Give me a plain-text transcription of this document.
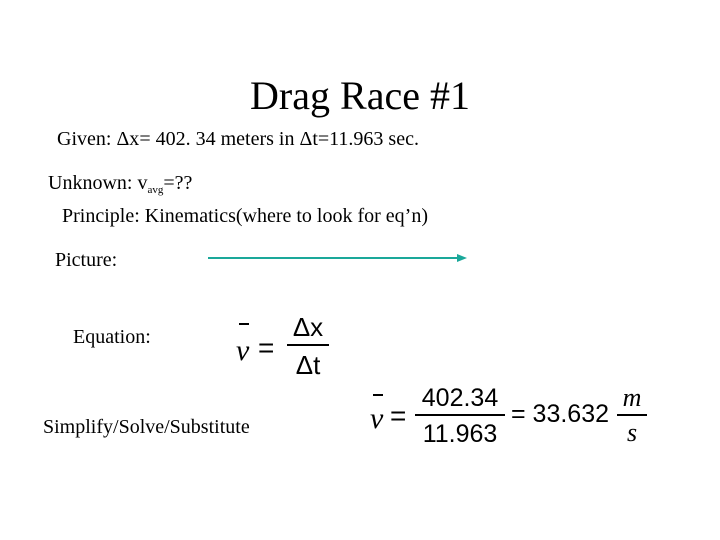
Drag Race #1
Given: Δx= 402. 34 meters in Δt=11.963 sec.
Unknown: $v_{avg}=$??
Principle: Kinematics(where to look for eq’n)
Picture:
Equation:	v =
Δx
Δt
Simplify/Solve/Substitute	v =
402.34
11.963
= 33.632
m
s
